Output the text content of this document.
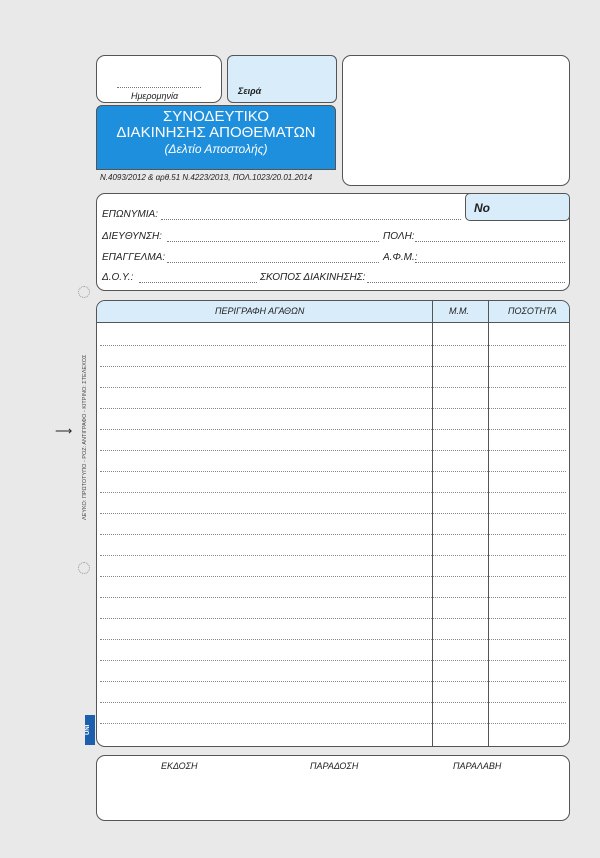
Ημερομηνία	Σειρά
ΣΥΝΟΔΕΥΤΙΚΟ
ΔΙΑΚΙΝΗΣΗΣ ΑΠΟΘΕΜΑΤΩΝ
(Δελτίο Αποστολής)
Ν.4093/2012 & αρθ.51 Ν.4223/2013, ΠΟΛ.1023/20.01.2014
Νο
ΕΠΩΝΥΜΙΑ:
ΔΙΕΥΘΥΝΣΗ:	ΠΟΛΗ:
ΕΠΑΓΓΕΛΜΑ:	Α.Φ.Μ.:
Δ.Ο.Υ.:	ΣΚΟΠΟΣ ΔΙΑΚΙΝΗΣΗΣ:
ΠΕΡΙΓΡΑΦΗ ΑΓΑΘΩΝ	Μ.Μ.	ΠΟΣΟΤΗΤΑ
⟶ ΛΕΥΚΟ: ΠΡΩΤΟΤΥΠΟ - ΡΟΖ: ΑΝΤΙΓΡΑΦΟ - ΚΙΤΡΙΝΟ: ΣΤΕΛΕΧΟΣ
UNI
ΕΚΔΟΣΗ	ΠΑΡΑΔΟΣΗ	ΠΑΡΑΛΑΒΗ
